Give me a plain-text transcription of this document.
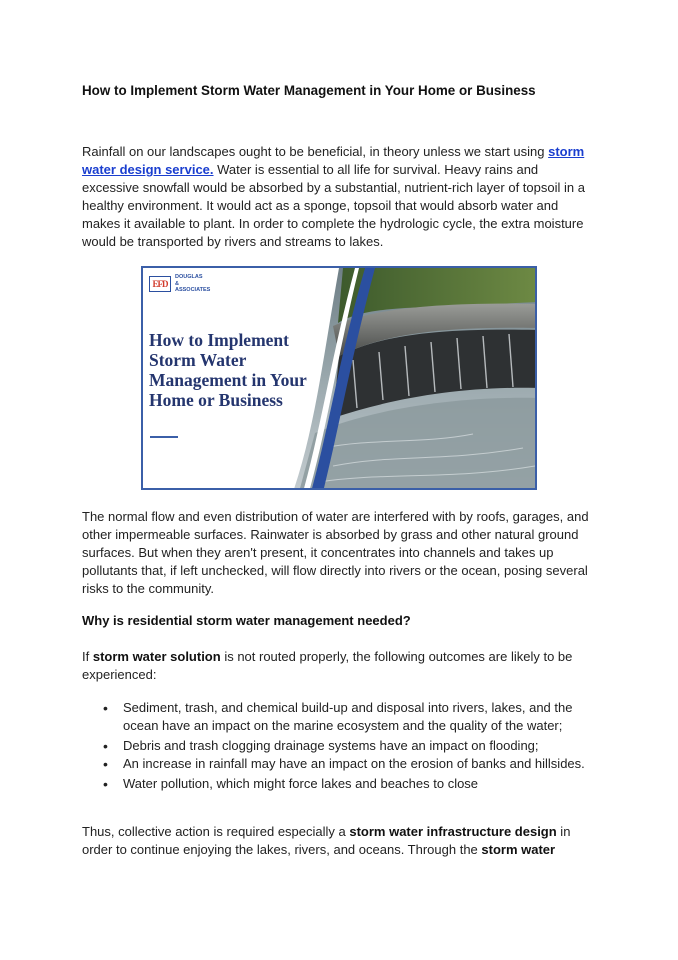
How to Implement Storm Water Management in Your Home or Business

Rainfall on our landscapes ought to be beneficial, in theory unless we start using storm water design service. Water is essential to all life for survival. Heavy rains and excessive snowfall would be absorbed by a substantial, nutrient-rich layer of topsoil in a healthy environment. It would act as a sponge, topsoil that would absorb water and makes it available to plant. In order to complete the hydrologic cycle, the extra moisture would be transported by rivers and streams to lakes.

EFD
DOUGLAS
& ASSOCIATES

How to Implement Storm Water Management in Your Home or Business

The normal flow and even distribution of water are interfered with by roofs, garages, and other impermeable surfaces. Rainwater is absorbed by grass and other natural ground surfaces. But when they aren't present, it concentrates into channels and takes up pollutants that, if left unchecked, will flow directly into rivers or the ocean, posing several risks to the community.

Why is residential storm water management needed?

If storm water solution is not routed properly, the following outcomes are likely to be experienced:

• Sediment, trash, and chemical build-up and disposal into rivers, lakes, and the ocean have an impact on the marine ecosystem and the quality of the water;
• Debris and trash clogging drainage systems have an impact on flooding;
• An increase in rainfall may have an impact on the erosion of banks and hillsides.
• Water pollution, which might force lakes and beaches to close

Thus, collective action is required especially a storm water infrastructure design in order to continue enjoying the lakes, rivers, and oceans. Through the storm water
